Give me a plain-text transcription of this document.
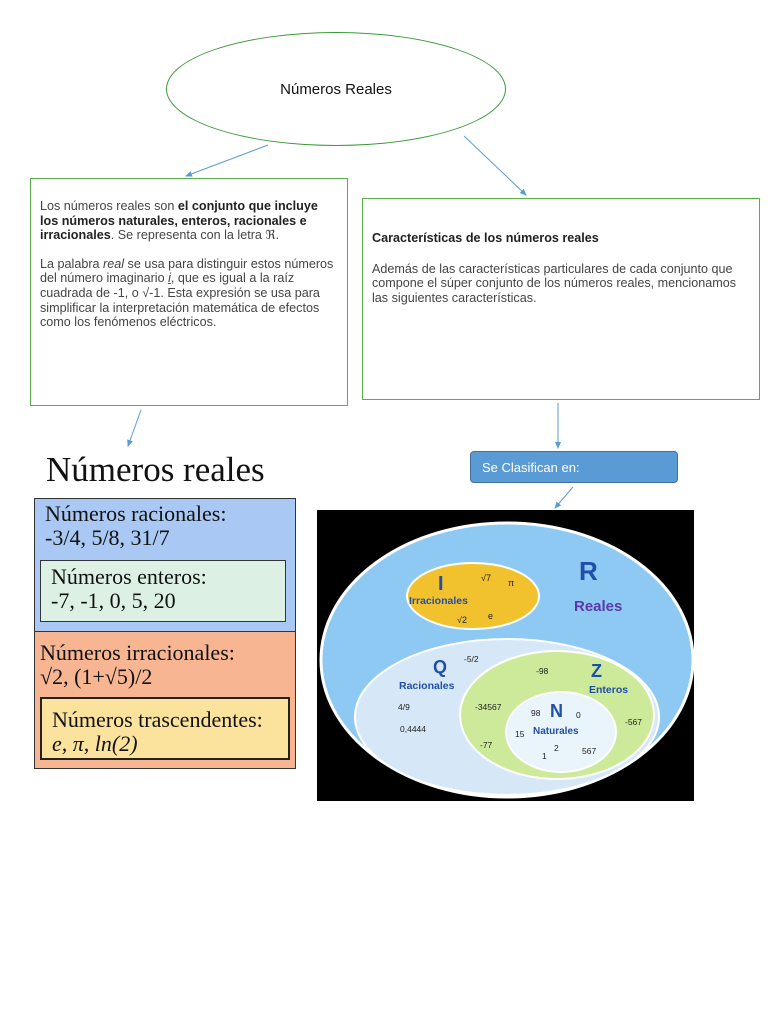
Números Reales

Los números reales son el conjunto que incluye los números naturales, enteros, racionales e irracionales. Se representa con la letra ℜ.

La palabra real se usa para distinguir estos números del número imaginario i, que es igual a la raíz cuadrada de -1, o √-1. Esta expresión se usa para simplificar la interpretación matemática de efectos como los fenómenos eléctricos.

Características de los números reales
Además de las características particulares de cada conjunto que compone el súper conjunto de los números reales, mencionamos las siguientes características.
Se Clasifican en:
Números reales
Números racionales:
-3/4, 5/8, 31/7
Números enteros:
-7, -1, 0, 5, 20
Números irracionales:
√2, (1+√5)/2
Números trascendentes:
e, π, ln(2)
R
Reales
I
Irracionales
√7 π
√2 e
Q
Racionales
-5/2
4/9
0,4444
Z
Enteros
-98
-34567
-567
-77
N
Naturales
98	0
15
2
1	567
